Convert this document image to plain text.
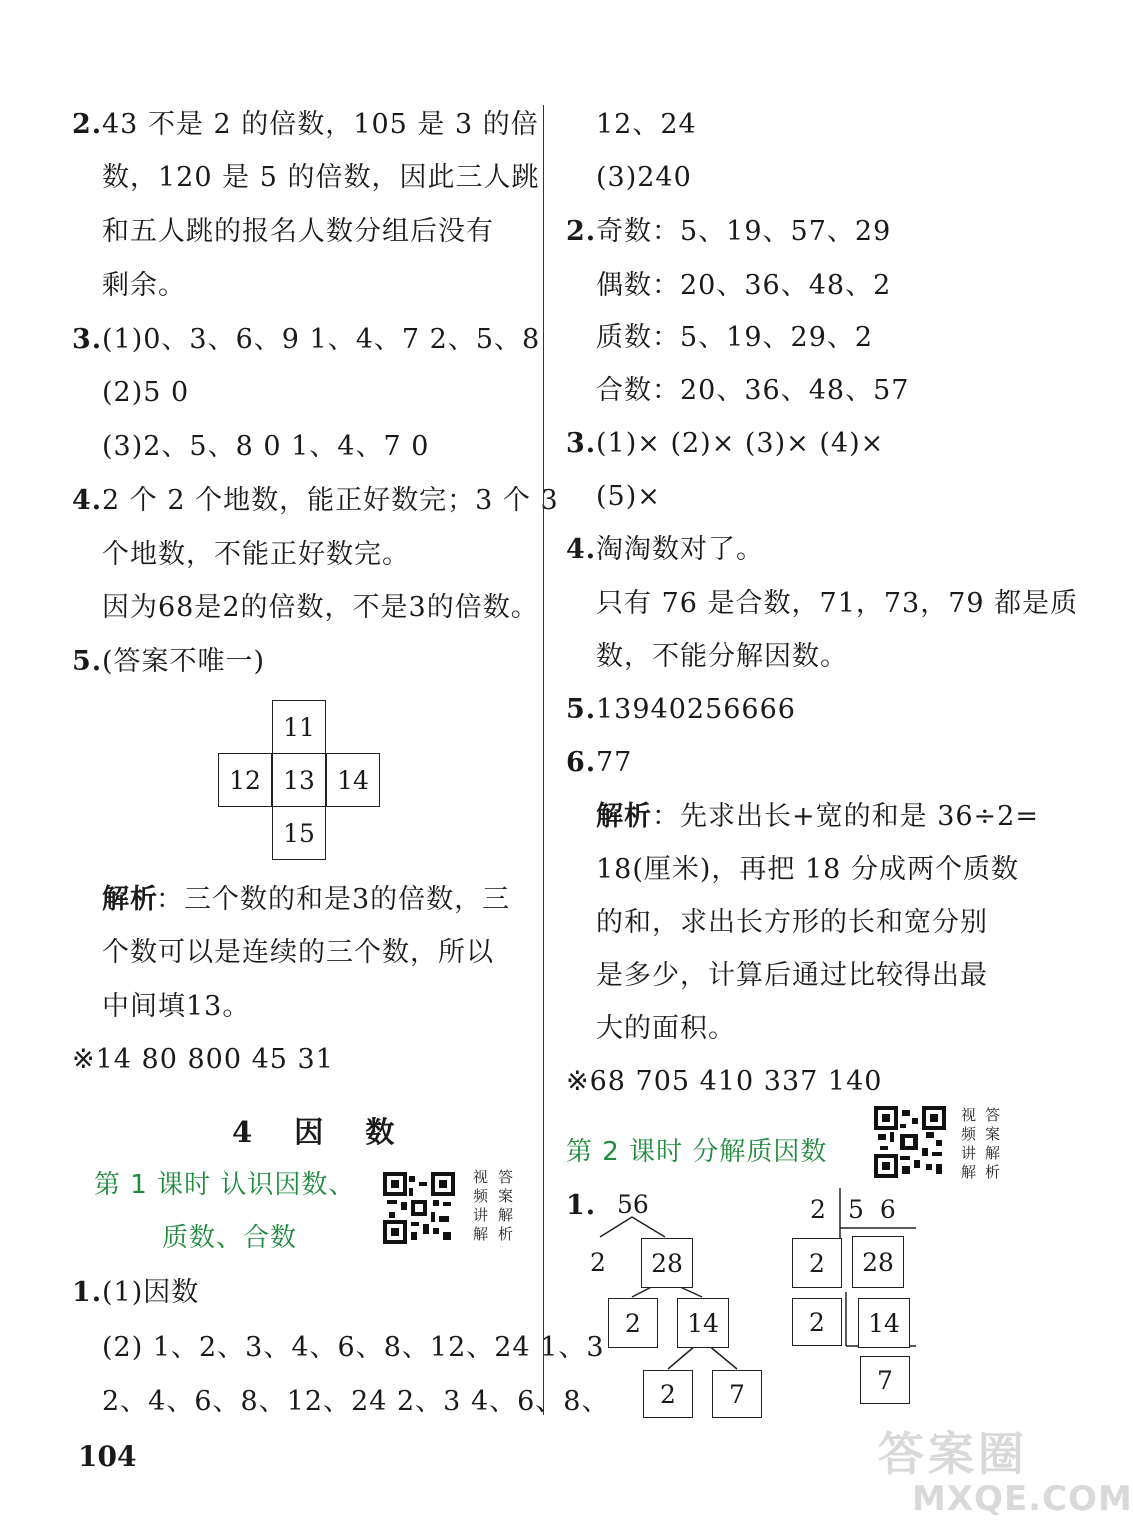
2. 43 不是 2 的倍数，105 是 3 的倍
数，120 是 5 的倍数，因此三人跳
和五人跳的报名人数分组后没有
剩余。
3. (1)0、3、6、9 1、4、7 2、5、8
(2)5 0
(3)2、5、8 0 1、4、7 0
4. 2 个 2 个地数，能正好数完；3 个 3
个地数，不能正好数完。
因为68是2的倍数，不是3的倍数。
5. (答案不唯一)
11
12 13 14
15
解析
：三个数的和是3的倍数，三
个数可以是连续的三个数，所以
中间填13。
※14 80 800 45 31
4 因 数
第 1 课时 认识因数、
质数、合数
视频讲解
答案解析
1. (1)因数
(2) 1、2、3、4、6、8、12、24 1、3
2、4、6、8、12、24 2、3 4、6、8、
12、24
(3)240
2. 奇数：5、19、57、29
偶数：20、36、48、2
质数：5、19、29、2
合数：20、36、48、57
3. (1)× (2)× (3)× (4)×
(5)×
4. 淘淘数对了。
只有 76 是合数，71，73，79 都是质
数，不能分解因数。
5. 13940256666
6. 77
解析 ：先求出长+宽的和是 36÷2=
18(厘米)，再把 18 分成两个质数
的和，求出长方形的长和宽分别
是多少，计算后通过比较得出最
大的面积。
※68 705 410 337 140
第 2 课时 分解质因数
视频讲解
答案解析
1. 56
2	28
2	14
2	7
2 5 6
2	28
2	14
7
104	答案圈
MXQE.COM
